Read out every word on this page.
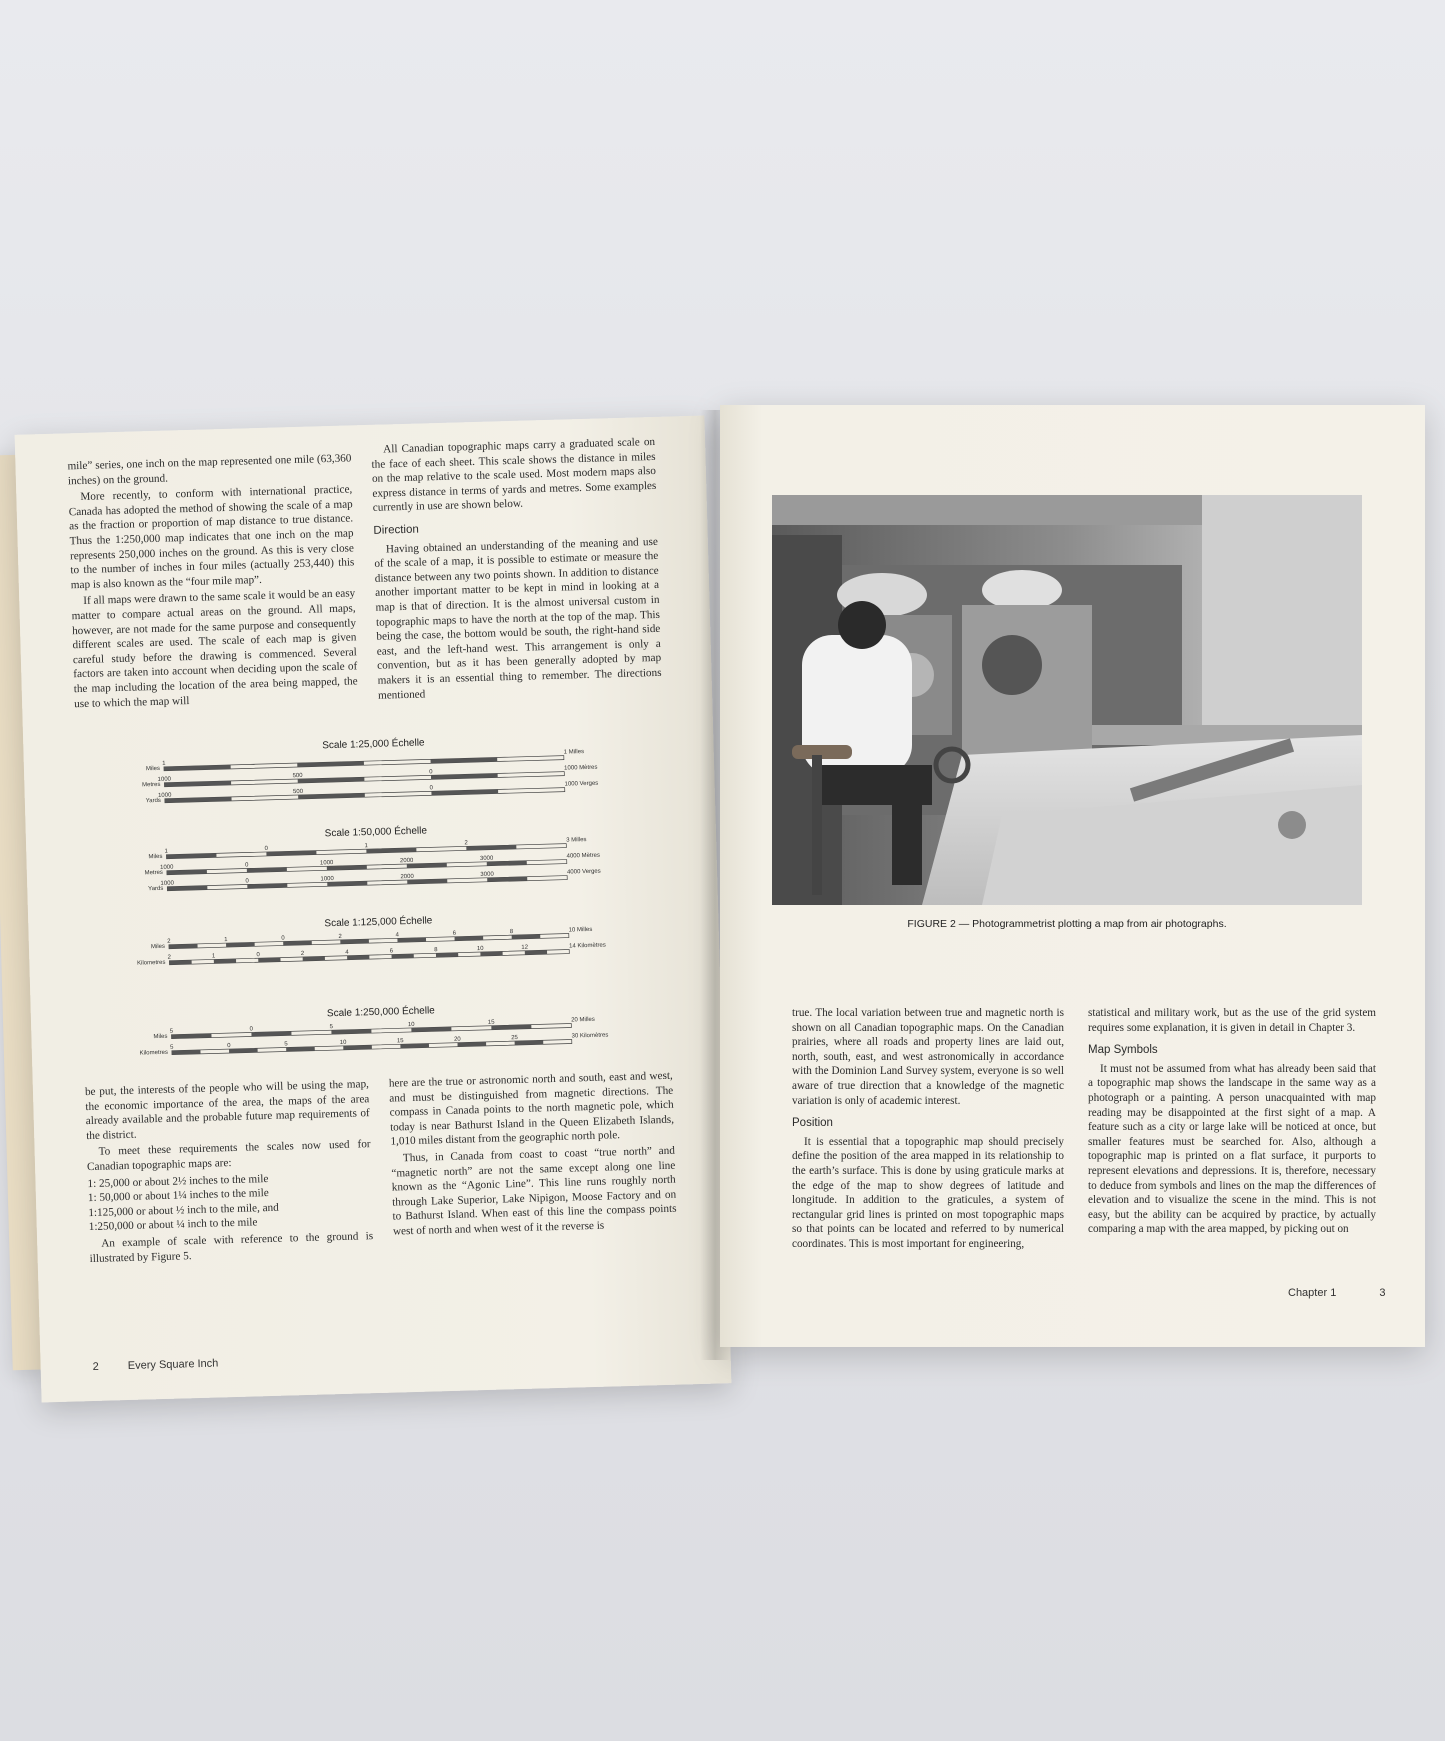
mile” series, one inch on the map represented one mile (63,360 inches) on the ground.

More recently, to conform with international practice, Canada has adopted the method of showing the scale of a map as the fraction or proportion of map distance to true distance. Thus the 1:250,000 map indicates that one inch on the map represents 250,000 inches on the ground. As this is very close to the number of inches in four miles (actually 253,440) this map is also known as the “four mile map”.

If all maps were drawn to the same scale it would be an easy matter to compare actual areas on the ground. All maps, however, are not made for the same purpose and consequently different scales are used. The scale of each map is given careful study before the drawing is commenced. Several factors are taken into account when deciding upon the scale of the map including the location of the area being mapped, the use to which the map will

All Canadian topographic maps carry a graduated scale on the face of each sheet. This scale shows the distance in miles on the map relative to the scale used. Most modern maps also express distance in terms of yards and metres. Some examples currently in use are shown below.

Direction

Having obtained an understanding of the meaning and use of the scale of a map, it is possible to estimate or measure the distance between any two points shown. In addition to distance another important matter to be kept in mind in looking at a map is that of direction. It is the almost universal custom in topographic maps to have the north at the top of the map. This being the case, the bottom would be south, the right-hand side east, and the left-hand west. This arrangement is only a convention, but as it has been generally adopted by map makers it is an essential thing to remember. The directions mentioned

Scale 1:25,000 Échelle
Miles
1
1 Milles
Metres
1000
500
0
1000 Mètres
Yards
1000
500
0
1000 Verges
Scale 1:50,000 Échelle
Miles
1	0	1	2	3 Milles
Metres
1000	0	1000	2000	3000	4000 Mètres
Yards
1000	0	1000	2000	3000	4000 Verges
Scale 1:125,000 Échelle
Miles
2	1	0	2	4	6	8	10 Milles
Kilometres
2	1	0	2	4	6	8	10	12	14 Kilomètres
Scale 1:250,000 Échelle
Miles
5	0	5	10	15	20 Milles
Kilometres
5	0	5	10	15	20	25	30 Kilomètres

be put, the interests of the people who will be using the map, the economic importance of the area, the maps of the area already available and the probable future map requirements of the district.

To meet these requirements the scales now used for Canadian topographic maps are:

1: 25,000 or about 2½ inches to the mile
1: 50,000 or about 1¼ inches to the mile
1:125,000 or about ½ inch to the mile, and
1:250,000 or about ¼ inch to the mile

An example of scale with reference to the ground is illustrated by Figure 5.

here are the true or astronomic north and south, east and west, and must be distinguished from magnetic directions. The compass in Canada points to the north magnetic pole, which today is near Bathurst Island in the Queen Elizabeth Islands, 1,010 miles distant from the geographic north pole.

Thus, in Canada from coast to coast “true north” and “magnetic north” are not the same except along one line known as the “Agonic Line”. This line runs roughly north through Lake Superior, Lake Nipigon, Moose Factory and on to Bathurst Island. When east of this line the compass points west of north and when west of it the reverse is

2	Every Square Inch
FIGURE 2 — Photogrammetrist plotting a map from air photographs.

true. The local variation between true and magnetic north is shown on all Canadian topographic maps. On the Canadian prairies, where all roads and property lines are laid out, north, south, east, and west astronomically in accordance with the Dominion Land Survey system, everyone is so well aware of true direction that a knowledge of the magnetic variation is only of academic interest.

Position

It is essential that a topographic map should precisely define the position of the area mapped in its relationship to the earth’s surface. This is done by using graticule marks at the edge of the map to show degrees of latitude and longitude. In addition to the graticules, a system of rectangular grid lines is printed on most topographic maps so that points can be located and referred to by numerical coordinates. This is most important for engineering,

statistical and military work, but as the use of the grid system requires some explanation, it is given in detail in Chapter 3.

Map Symbols

It must not be assumed from what has already been said that a topographic map shows the landscape in the same way as a photograph or a painting. A person unacquainted with map reading may be disappointed at the first sight of a map. A feature such as a city or large lake will be noticed at once, but smaller features must be searched for. Also, although a topographic map is printed on a flat surface, it purports to represent elevations and depressions. It is, therefore, necessary to deduce from symbols and lines on the map the differences of elevation and to visualize the scene in the mind. This is not easy, but the ability can be acquired by practice, by actually comparing a map with the area mapped, by picking out on

Chapter 1	3
